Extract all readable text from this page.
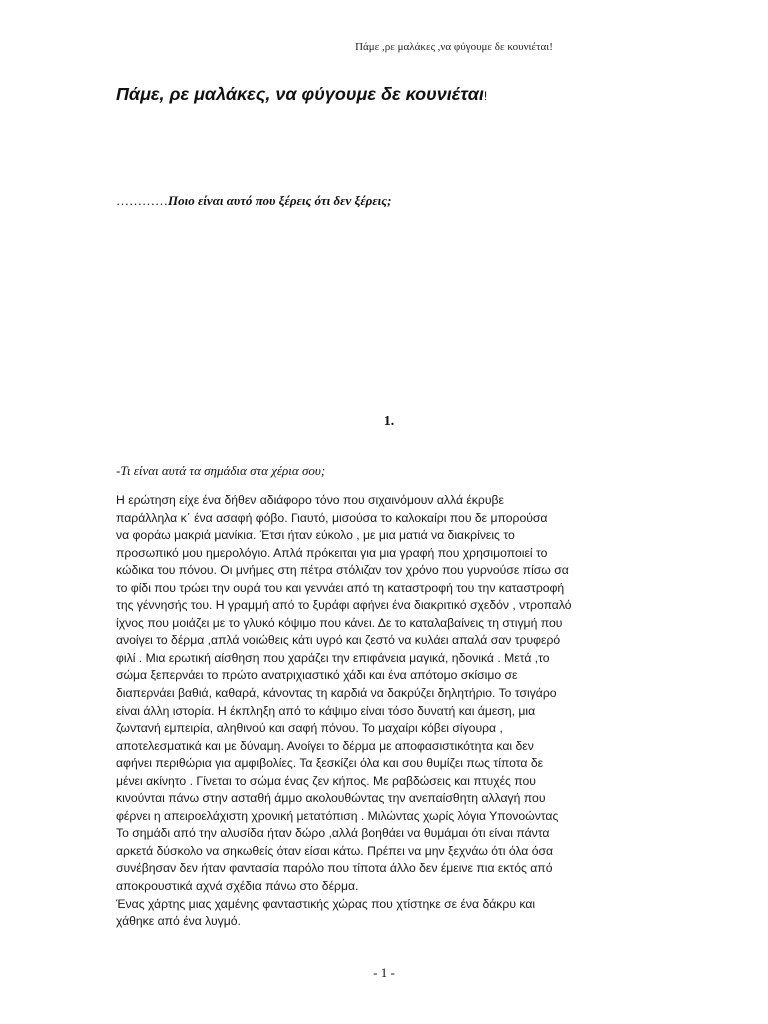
Πάμε ,ρε μαλάκες ,να φύγουμε δε κουνιέται!
Πάμε, ρε μαλάκες, να φύγουμε δε κουνιέται!
…………Ποιο είναι αυτό που ξέρεις ότι δεν ξέρεις;
1.
-Τι είναι αυτά τα σημάδια στα χέρια σου;
Η ερώτηση είχε ένα δήθεν αδιάφορο τόνο που σιχαινόμουν αλλά έκρυβε
παράλληλα κ΄ ένα ασαφή φόβο. Γιαυτό, μισούσα το καλοκαίρι που δε μπορούσα
να φοράω μακριά μανίκια. Έτσι ήταν εύκολο , με μια ματιά να διακρίνεις το
προσωπικό μου ημερολόγιο. Απλά πρόκειται για μια γραφή που χρησιμοποιεί το
κώδικα του πόνου. Οι μνήμες στη πέτρα στόλιζαν τον χρόνο που γυρνούσε πίσω σα
το φίδι που τρώει την ουρά του και γεννάει από τη καταστροφή του την καταστροφή
της γέννησής του. Η γραμμή από το ξυράφι αφήνει ένα διακριτικό σχεδόν , ντροπαλό
ίχνος που μοιάζει με το γλυκό κόψιμο που κάνει. Δε το καταλαβαίνεις τη στιγμή που
ανοίγει το δέρμα ,απλά νοιώθεις κάτι υγρό και ζεστό να κυλάει απαλά σαν τρυφερό
φιλί . Μια ερωτική αίσθηση που χαράζει την επιφάνεια μαγικά, ηδονικά . Μετά ,το
σώμα ξεπερνάει το πρώτο ανατριχιαστικό χάδι και ένα απότομο σκίσιμο σε
διαπερνάει βαθιά, καθαρά, κάνοντας τη καρδιά να δακρύζει δηλητήριο. Το τσιγάρο
είναι άλλη ιστορία. Η έκπληξη από το κάψιμο είναι τόσο δυνατή και άμεση, μια
ζωντανή εμπειρία, αληθινού και σαφή πόνου. Το μαχαίρι κόβει σίγουρα ,
αποτελεσματικά και με δύναμη. Ανοίγει το δέρμα με αποφασιστικότητα και δεν
αφήνει περιθώρια για αμφιβολίες. Τα ξεσκίζει όλα και σου θυμίζει πως τίποτα δε
μένει ακίνητο . Γίνεται το σώμα ένας ζεν κήπος. Με ραβδώσεις και πτυχές που
κινούνται πάνω στην ασταθή άμμο ακολουθώντας την ανεπαίσθητη αλλαγή που
φέρνει η απειροελάχιστη χρονική μετατόπιση . Μιλώντας χωρίς λόγια Υπονοώντας
Το σημάδι από την αλυσίδα ήταν δώρο ,αλλά βοηθάει να θυμάμαι ότι είναι πάντα
αρκετά δύσκολο να σηκωθείς όταν είσαι κάτω. Πρέπει να μην ξεχνάω ότι όλα όσα
συνέβησαν δεν ήταν φαντασία παρόλο που τίποτα άλλο δεν έμεινε πια εκτός από
αποκρουστικά αχνά σχέδια πάνω στο δέρμα.
Ένας χάρτης μιας χαμένης φανταστικής χώρας που χτίστηκε σε ένα δάκρυ και
χάθηκε από ένα λυγμό.
- 1 -
